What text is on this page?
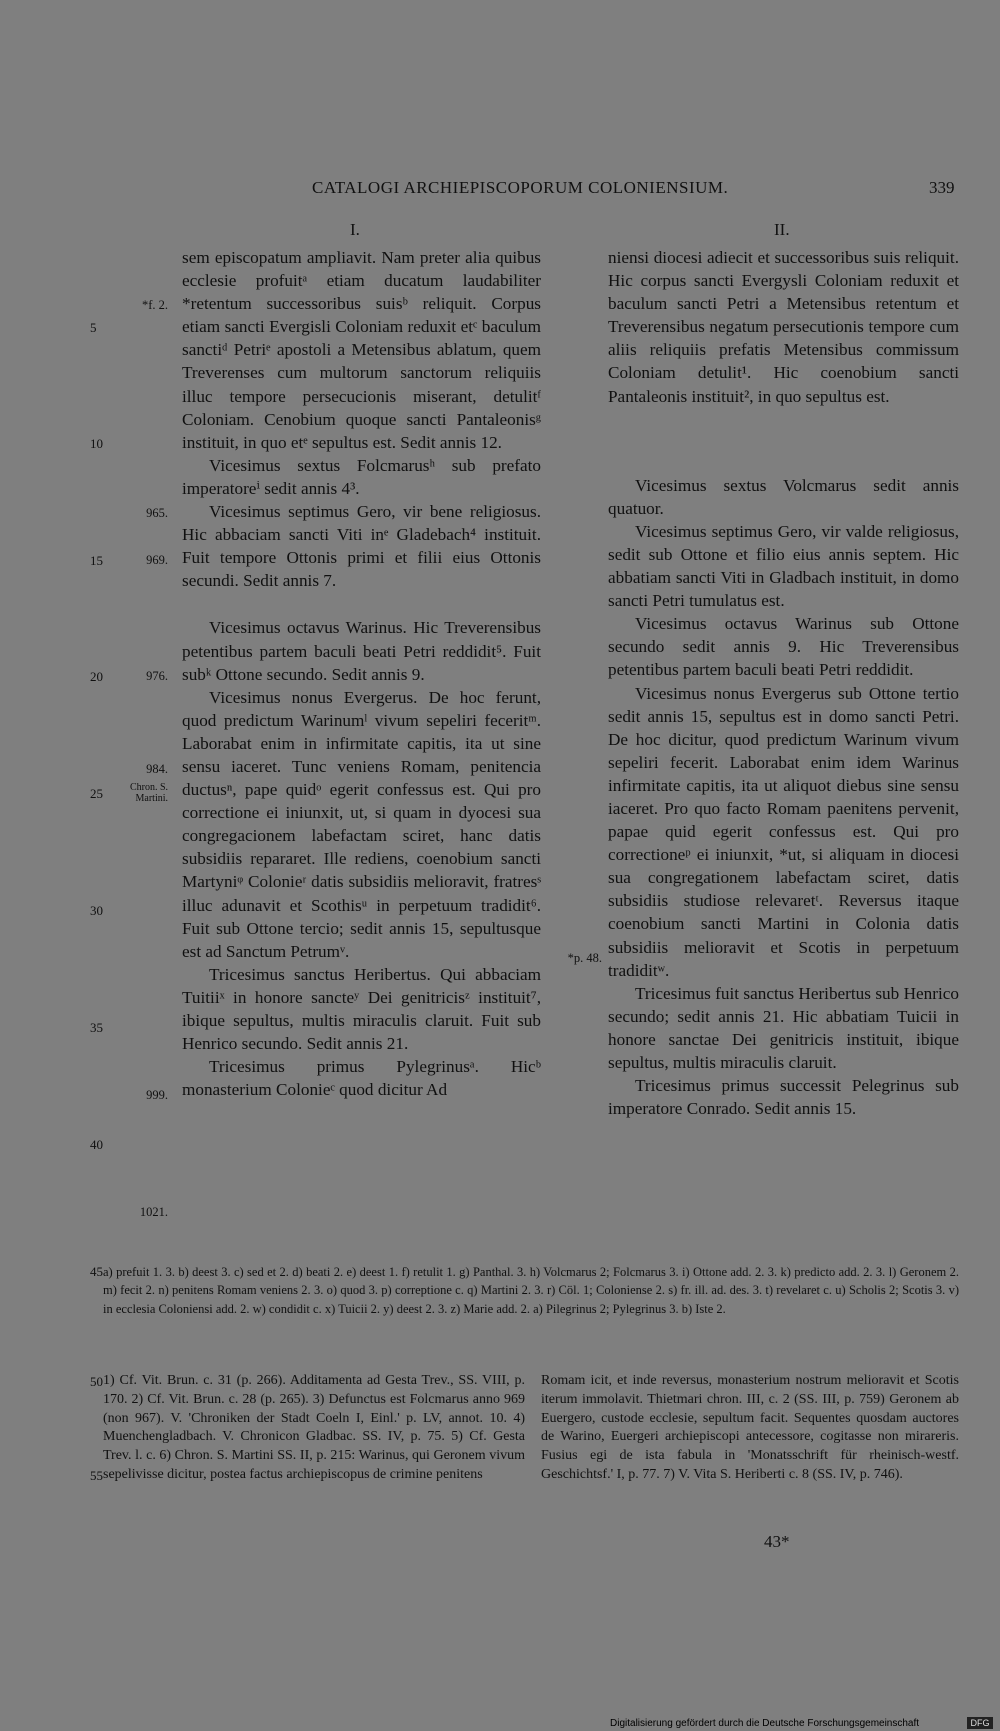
CATALOGI ARCHIEPISCOPORUM COLONIENSIUM.	339
I.	II.
5
10
15
20
25
30
35
40
45
50
55
*f. 2.
965.
969.
976.
984.
Chron. S. Martini.
999.
1021.
*p. 48.

sem episcopatum ampliavit. Nam preter alia quibus ecclesie profuitᵃ etiam ducatum laudabiliter *retentum successoribus suisᵇ reliquit. Corpus etiam sancti Evergisli Coloniam reduxit etᶜ baculum sanctiᵈ Petriᵉ apostoli a Metensibus ablatum, quem Treverenses cum multorum sanctorum reliquiis illuc tempore persecucionis miserant, detulitᶠ Coloniam. Cenobium quoque sancti Pantaleonisᵍ instituit, in quo etᵉ sepultus est. Sedit annis 12.

Vicesimus sextus Folcmarusʰ sub prefato imperatoreⁱ sedit annis 4³.

Vicesimus septimus Gero, vir bene religiosus. Hic abbaciam sancti Viti inᵉ Gladebach⁴ instituit. Fuit tempore Ottonis primi et filii eius Ottonis secundi. Sedit annis 7.

Vicesimus octavus Warinus. Hic Treverensibus petentibus partem baculi beati Petri reddidit⁵. Fuit subᵏ Ottone secundo. Sedit annis 9.

Vicesimus nonus Evergerus. De hoc ferunt, quod predictum Warinumˡ vivum sepeliri feceritᵐ. Laborabat enim in infirmitate capitis, ita ut sine sensu iaceret. Tunc veniens Romam, penitencia ductusⁿ, pape quidᵒ egerit confessus est. Qui pro correctione ei iniunxit, ut, si quam in dyocesi sua congregacionem labefactam sciret, hanc datis subsidiis repararet. Ille rediens, coenobium sancti Martyniᵠ Colonieʳ datis subsidiis melioravit, fratresˢ illuc adunavit et Scothisᵘ in perpetuum tradidit⁶. Fuit sub Ottone tercio; sedit annis 15, sepultusque est ad Sanctum Petrumᵛ.

Tricesimus sanctus Heribertus. Qui abbaciam Tuitiiˣ in honore sancteʸ Dei genitricisᶻ instituit⁷, ibique sepultus, multis miraculis claruit. Fuit sub Henrico secundo. Sedit annis 21.

Tricesimus primus Pylegrinusᵃ. Hicᵇ monasterium Colonieᶜ quod dicitur Ad

niensi diocesi adiecit et successoribus suis reliquit. Hic corpus sancti Evergysli Coloniam reduxit et baculum sancti Petri a Metensibus retentum et Treverensibus negatum persecutionis tempore cum aliis reliquiis prefatis Metensibus commissum Coloniam detulit¹. Hic coenobium sancti Pantaleonis instituit², in quo sepultus est.

Vicesimus sextus Volcmarus sedit annis quatuor.

Vicesimus septimus Gero, vir valde religiosus, sedit sub Ottone et filio eius annis septem. Hic abbatiam sancti Viti in Gladbach instituit, in domo sancti Petri tumulatus est.

Vicesimus octavus Warinus sub Ottone secundo sedit annis 9. Hic Treverensibus petentibus partem baculi beati Petri reddidit.

Vicesimus nonus Evergerus sub Ottone tertio sedit annis 15, sepultus est in domo sancti Petri. De hoc dicitur, quod predictum Warinum vivum sepeliri fecerit. Laborabat enim idem Warinus infirmitate capitis, ita ut aliquot diebus sine sensu iaceret. Pro quo facto Romam paenitens pervenit, papae quid egerit confessus est. Qui pro correctioneᵖ ei iniunxit, *ut, si aliquam in diocesi sua congregationem labefactam sciret, datis subsidiis studiose relevaretᵗ. Reversus itaque coenobium sancti Martini in Colonia datis subsidiis melioravit et Scotis in perpetuum tradiditʷ.

Tricesimus fuit sanctus Heribertus sub Henrico secundo; sedit annis 21. Hic abbatiam Tuicii in honore sanctae Dei genitricis instituit, ibique sepultus, multis miraculis claruit.

Tricesimus primus successit Pelegrinus sub imperatore Conrado. Sedit annis 15.

a) prefuit 1. 3. b) deest 3. c) sed et 2. d) beati 2. e) deest 1. f) retulit 1. g) Panthal. 3. h) Volcmarus 2; Folcmarus 3. i) Ottone add. 2. 3. k) predicto add. 2. 3. l) Geronem 2. m) fecit 2. n) penitens Romam veniens 2. 3. o) quod 3. p) correptione c. q) Martini 2. 3. r) Cöl. 1; Coloniense 2. s) fr. ill. ad. des. 3. t) revelaret c. u) Scholis 2; Scotis 3. v) in ecclesia Coloniensi add. 2. w) condidit c. x) Tuicii 2. y) deest 2. 3. z) Marie add. 2. a) Pilegrinus 2; Pylegrinus 3. b) Iste 2.

1) Cf. Vit. Brun. c. 31 (p. 266). Additamenta ad Gesta Trev., SS. VIII, p. 170. 2) Cf. Vit. Brun. c. 28 (p. 265). 3) Defunctus est Folcmarus anno 969 (non 967). V. 'Chroniken der Stadt Coeln I, Einl.' p. LV, annot. 10. 4) Muenchengladbach. V. Chronicon Gladbac. SS. IV, p. 75. 5) Cf. Gesta Trev. l. c. 6) Chron. S. Martini SS. II, p. 215: Warinus, qui Geronem vivum sepelivisse dicitur, postea factus archiepiscopus de crimine penitens

Romam icit, et inde reversus, monasterium nostrum melioravit et Scotis iterum immolavit. Thietmari chron. III, c. 2 (SS. III, p. 759) Geronem ab Euergero, custode ecclesie, sepultum facit. Sequentes quosdam auctores de Warino, Euergeri archiepiscopi antecessore, cogitasse non mirareris. Fusius egi de ista fabula in 'Monatsschrift für rheinisch-westf. Geschichtsf.' I, p. 77. 7) V. Vita S. Heriberti c. 8 (SS. IV, p. 746).

43*
Digitalisierung gefördert durch die Deutsche Forschungsgemeinschaft	DFG
